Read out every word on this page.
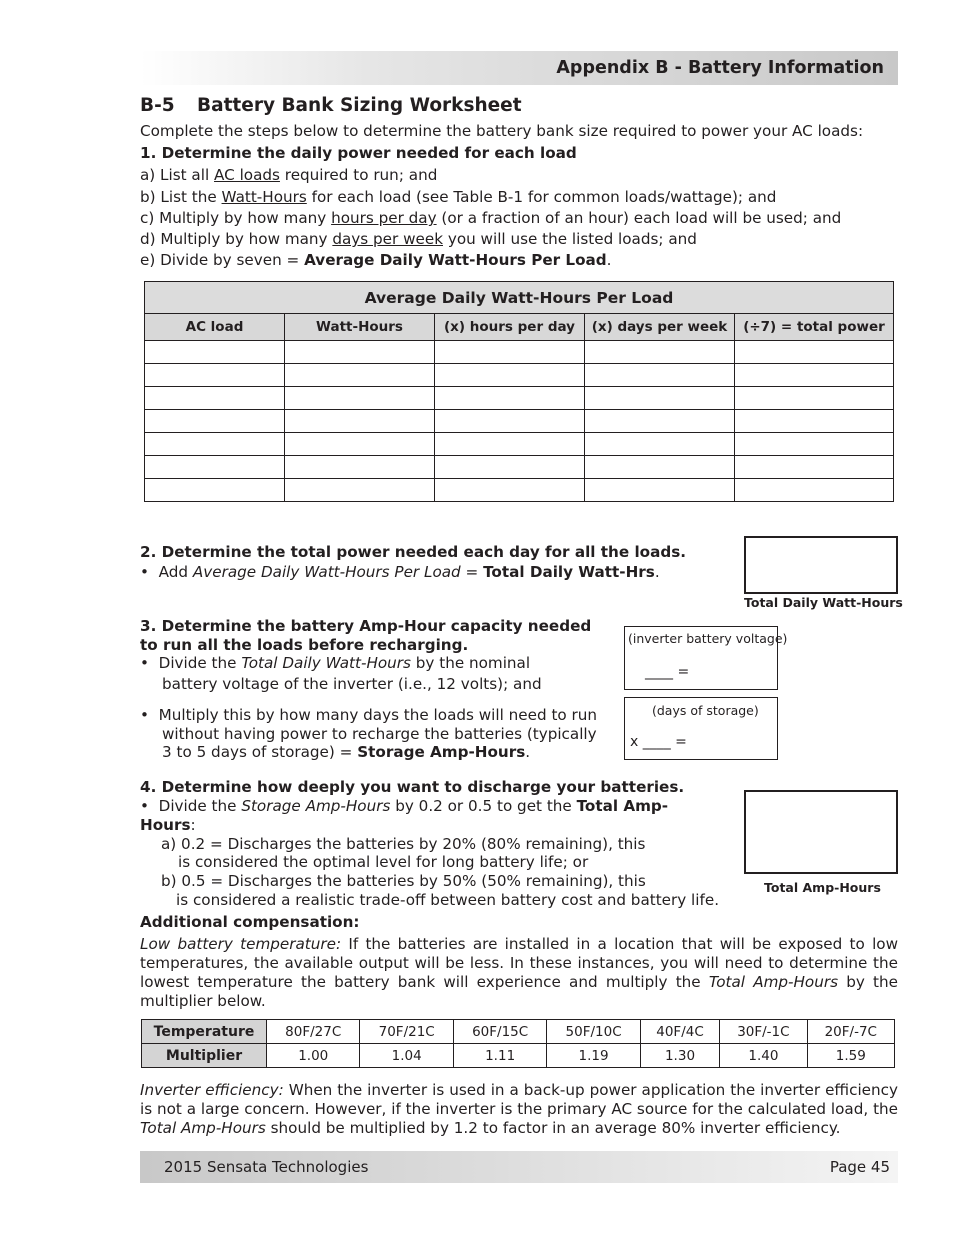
Appendix B - Battery Information
B-5 Battery Bank Sizing Worksheet
Complete the steps below to determine the battery bank size required to power your AC loads:
1. Determine the daily power needed for each load
a) List all AC loads required to run; and
b) List the Watt-Hours for each load (see Table B-1 for common loads/wattage); and
c) Multiply by how many hours per day (or a fraction of an hour) each load will be used; and
d) Multiply by how many days per week you will use the listed loads; and
e) Divide by seven = Average Daily Watt-Hours Per Load.
Average Daily Watt-Hours Per Load				
AC load	Watt-Hours	(x) hours per day	(x) days per week	(÷7) = total power

2. Determine the total power needed each day for all the loads.
• Add Average Daily Watt-Hours Per Load = Total Daily Watt-Hrs.
Total Daily Watt-Hours
3. Determine the battery Amp-Hour capacity needed
to run all the loads before recharging.
• Divide the Total Daily Watt-Hours by the nominal
battery voltage of the inverter (i.e., 12 volts); and
• Multiply this by how many days the loads will need to run
without having power to recharge the batteries (typically
3 to 5 days of storage) = Storage Amp-Hours.
(inverter battery voltage)
____ =
(days of storage)
x ____ =
4. Determine how deeply you want to discharge your batteries.
• Divide the Storage Amp-Hours by 0.2 or 0.5 to get the Total Amp-
Hours:
a) 0.2 = Discharges the batteries by 20% (80% remaining), this
is considered the optimal level for long battery life; or
b) 0.5 = Discharges the batteries by 50% (50% remaining), this
is considered a realistic trade-off between battery cost and battery life.
Total Amp-Hours
Additional compensation:
Low battery temperature: If the batteries are installed in a location that will be exposed to low temperatures, the available output will be less. In these instances, you will need to determine the lowest temperature the battery bank will experience and multiply the Total Amp-Hours by the multiplier below.
Temperature	80F/27C	70F/21C	60F/15C	50F/10C	40F/4C	30F/-1C	20F/-7C
Multiplier	1.00	1.04	1.11	1.19	1.30	1.40	1.59
Inverter efficiency: When the inverter is used in a back-up power application the inverter efficiency is not a large concern. However, if the inverter is the primary AC source for the calculated load, the Total Amp-Hours should be multiplied by 1.2 to factor in an average 80% inverter efficiency.
2015 Sensata Technologies	Page 45
